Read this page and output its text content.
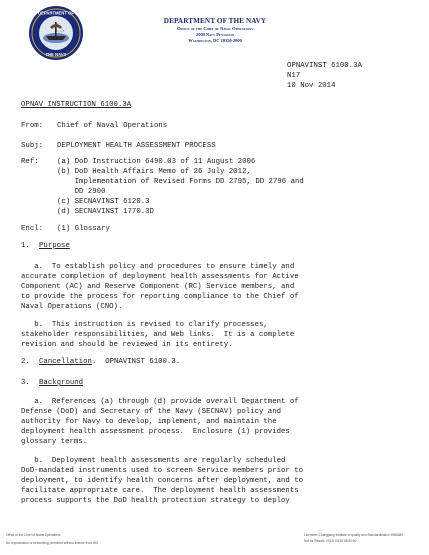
DEPARTMENT OF
THE NAVY
DEPARTMENT OF THE NAVY
Office of the Chief of Naval Operations
2000 Navy Pentagon
Washington, DC 20350-2000
OPNAVINST 6100.3A
N17
10 Nov 2014
OPNAV INSTRUCTION 6100.3A
From: Chief of Naval Operations
Subj: DEPLOYMENT HEALTH ASSESSMENT PROCESS
Ref: (a) DoD Instruction 6490.03 of 11 August 2006
(b) DoD Health Affairs Memo of 26 July 2012,
Implementation of Revised Forms DD 2795, DD 2796 and
DD 2900
(c) SECNAVINST 6120.3
(d) SECNAVINST 1770.3D
Encl: (1) Glossary
1. Purpose
a.  To establish policy and procedures to ensure timely and
accurate completion of deployment health assessments for Active
Component (AC) and Reserve Component (RC) Service members, and
to provide the process for reporting compliance to the Chief of
Naval Operations (CNO).
b.  This instruction is revised to clarify processes,
stakeholder responsibilities, and Web links.  It is a complete
revision and should be reviewed in its entirety.
2. Cancellation .  OPNAVINST 6100.3.
3. Background
a.  References (a) through (d) provide overall Department of
Defense (DoD) and Secretary of the Navy (SECNAV) policy and
authority for Navy to develop, implement, and maintain the
deployment health assessment process.  Enclosure (1) provides
glossary terms.
b.  Deployment health assessments are regularly scheduled
DoD-mandated instruments used to screen Service members prior to
deployment, to identify health concerns after deployment, and to
facilitate appropriate care.  The deployment health assessments
process supports the DoD health protection strategy to deploy
Office of the Chief of Naval Operations
No reproduction or networking permitted without license from IHS
Licensee=Changjiang Institute of quality and Standardization 5986380
Not for Resale, 2015/ 03/28 08:50:50
